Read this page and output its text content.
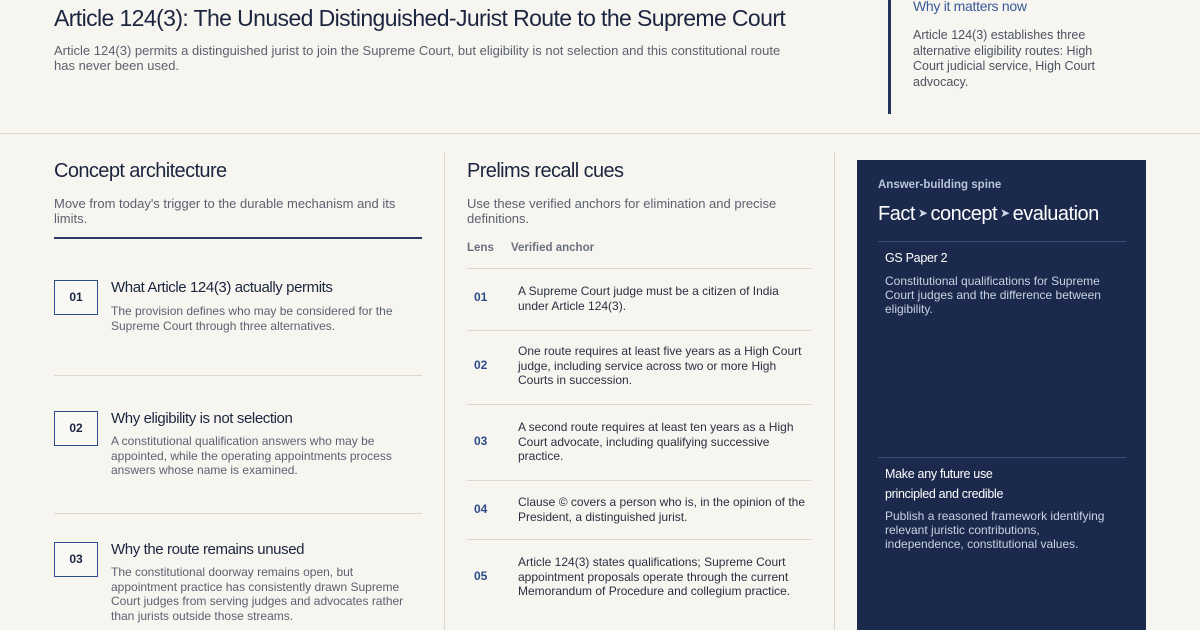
Article 124(3): The Unused Distinguished-Jurist Route to the Supreme Court
Article 124(3) permits a distinguished jurist to join the Supreme Court, but eligibility is not selection and this constitutional route has never been used.
Why it matters now
Article 124(3) establishes three alternative eligibility routes: High Court judicial service, High Court advocacy.
Concept architecture
Move from today's trigger to the durable mechanism and its limits.
01
What Article 124(3) actually permits
The provision defines who may be considered for the Supreme Court through three alternatives.
02
Why eligibility is not selection
A constitutional qualification answers who may be appointed, while the operating appointments process answers whose name is examined.
03
Why the route remains unused
The constitutional doorway remains open, but appointment practice has consistently drawn Supreme Court judges from serving judges and advocates rather than jurists outside those streams.
Prelims recall cues
Use these verified anchors for elimination and precise definitions.
Lens Verified anchor
01	A Supreme Court judge must be a citizen of India under Article 124(3).
02
One route requires at least five years as a High Court judge, including service across two or more High Courts in succession.
03
A second route requires at least ten years as a High Court advocate, including qualifying successive practice.
04	Clause © covers a person who is, in the opinion of the President, a distinguished jurist.
05
Article 124(3) states qualifications; Supreme Court appointment proposals operate through the current Memorandum of Procedure and collegium practice.
Answer-building spine
Fact ➤ concept ➤ evaluation
GS Paper 2
Constitutional qualifications for Supreme Court judges and the difference between eligibility.
Make any future use
principled and credible
Publish a reasoned framework identifying relevant juristic contributions, independence, constitutional values.
